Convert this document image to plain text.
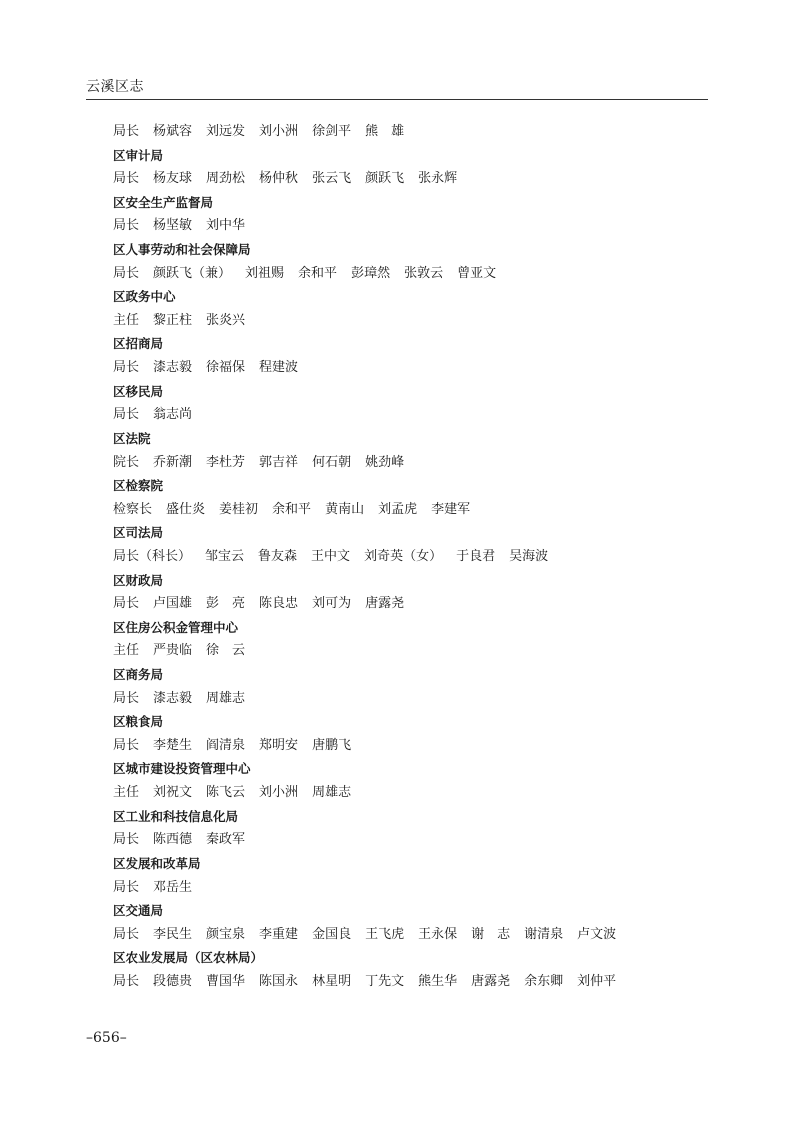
云溪区志
局长 杨斌容 刘远发 刘小洲 徐剑平 熊　雄
区审计局
局长 杨友球 周劲松 杨仲秋 张云飞 颜跃飞 张永辉
区安全生产监督局
局长 杨坚敏 刘中华
区人事劳动和社会保障局
局长 颜跃飞（兼） 刘祖赐 余和平 彭璋然 张敦云 曾亚文
区政务中心
主任 黎正柱 张炎兴
区招商局
局长 漆志毅 徐福保 程建波
区移民局
局长 翁志尚
区法院
院长 乔新潮 李杜芳 郭吉祥 何石朝 姚劲峰
区检察院
检察长 盛仕炎 姜桂初 余和平 黄南山 刘孟虎 李建军
区司法局
局长（科长） 邹宝云 鲁友森 王中文 刘奇英（女） 于良君 吴海波
区财政局
局长 卢国雄 彭　亮 陈良忠 刘可为 唐露尧
区住房公积金管理中心
主任 严贵临 徐　云
区商务局
局长 漆志毅 周雄志
区粮食局
局长 李楚生 阎清泉 郑明安 唐鹏飞
区城市建设投资管理中心
主任 刘祝文 陈飞云 刘小洲 周雄志
区工业和科技信息化局
局长 陈西德 秦政军
区发展和改革局
局长 邓岳生
区交通局
局长 李民生 颜宝泉 李重建 金国良 王飞虎 王永保 谢　志 谢清泉 卢文波
区农业发展局（区农林局）
局长 段德贵 曹国华 陈国永 林星明 丁先文 熊生华 唐露尧 余东卿 刘仲平
–656–
